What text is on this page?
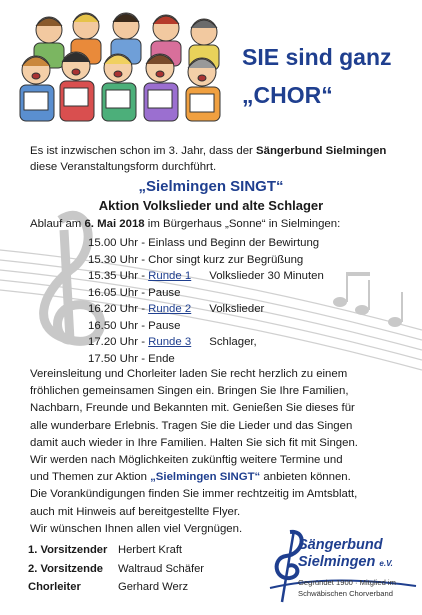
SIE sind ganz
„CHOR“
Es ist inzwischen schon im 3. Jahr, dass der Sängerbund Sielmingen
diese Veranstaltungsform durchführt.
„Sielmingen SINGT“
Aktion Volkslieder und alte Schlager
Ablauf am 6. Mai 2018 im Bürgerhaus „Sonne“ in Sielmingen:
15.00 Uhr - Einlass und Beginn der Bewirtung
15.30 Uhr - Chor singt kurz zur Begrüßung
15.35 Uhr - Runde 1 Volkslieder 30 Minuten
16.05 Uhr - Pause
16.20 Uhr - Runde 2 Volkslieder
16.50 Uhr - Pause
17.20 Uhr - Runde 3 Schlager,
17.50 Uhr - Ende
Vereinsleitung und Chorleiter laden Sie recht herzlich zu einem
fröhlichen gemeinsamen Singen ein. Bringen Sie Ihre Familien,
Nachbarn, Freunde und Bekannten mit. Genießen Sie dieses für
alle wunderbare Erlebnis. Tragen Sie die Lieder und das Singen
damit auch wieder in Ihre Familien. Halten Sie sich fit mit Singen.
Wir werden nach Möglichkeiten zukünftig weitere Termine und
und Themen zur Aktion „Sielmingen SINGT“ anbieten können.
Die Vorankündigungen finden Sie immer rechtzeitig im Amtsblatt,
auch mit Hinweis auf bereitgestellte Flyer.
Wir wünschen Ihnen allen viel Vergnügen.
1. Vorsitzender Herbert Kraft
2. Vorsitzende Waltraud Schäfer
Chorleiter	Gerhard Werz
Sängerbund
Sielmingen e.V.
Gegründet 1900 · Mitglied im
Schwäbischen Chorverband
